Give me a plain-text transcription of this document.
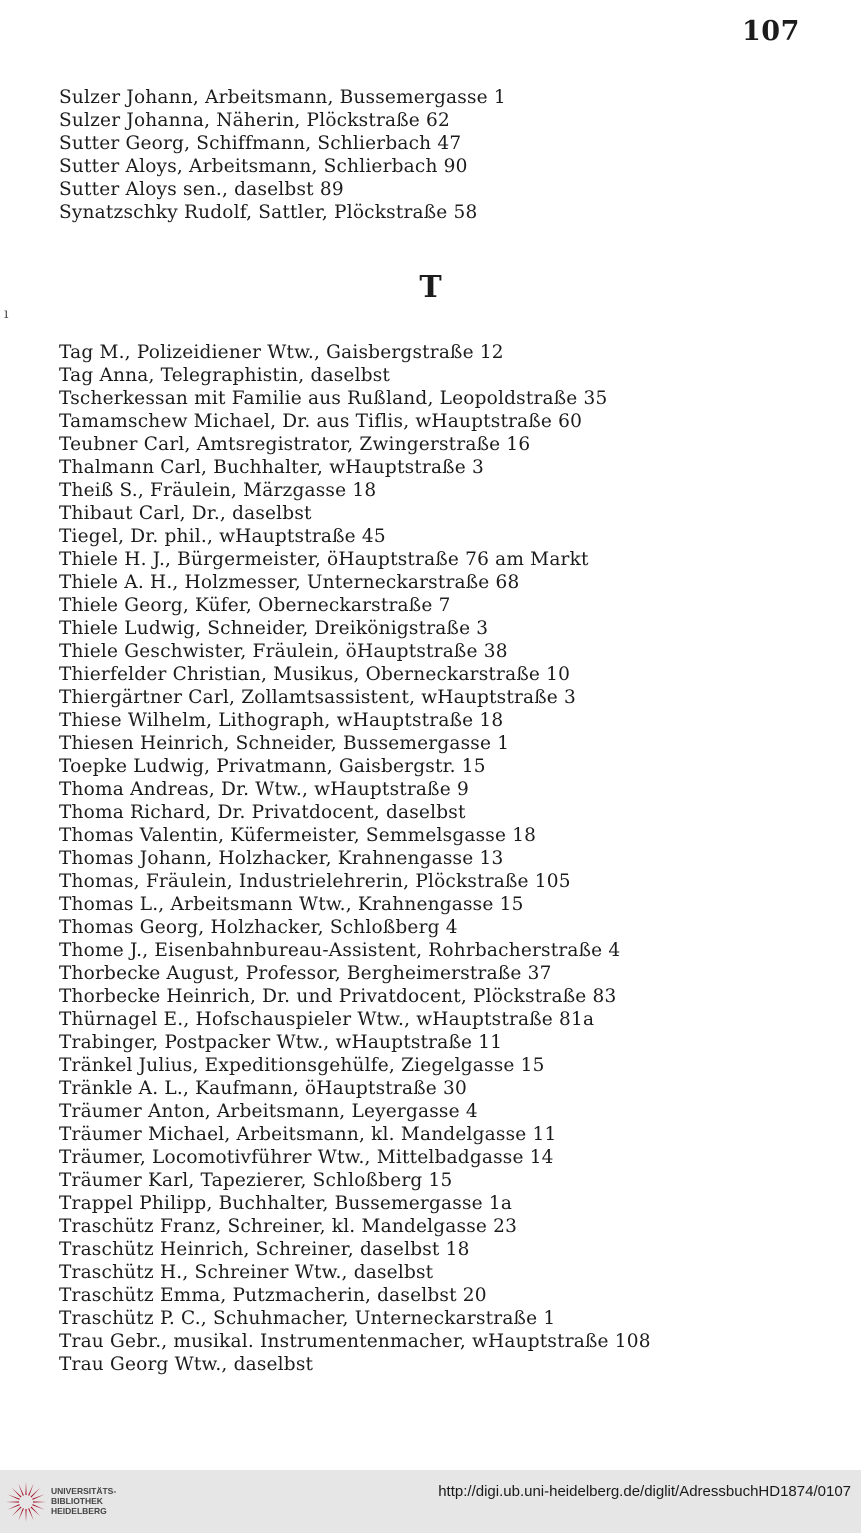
107
Sulzer Johann, Arbeitsmann, Bussemergasse 1
Sulzer Johanna, Näherin, Plöckstraße 62
Sutter Georg, Schiffmann, Schlierbach 47
Sutter Aloys, Arbeitsmann, Schlierbach 90
Sutter Aloys sen., daselbst 89
Synatzschky Rudolf, Sattler, Plöckstraße 58
ı
T
Tag M., Polizeidiener Wtw., Gaisbergstraße 12
Tag Anna, Telegraphistin, daselbst
Tscherkessan mit Familie aus Rußland, Leopoldstraße 35
Tamamschew Michael, Dr. aus Tiflis, wHauptstraße 60
Teubner Carl, Amtsregistrator, Zwingerstraße 16
Thalmann Carl, Buchhalter, wHauptstraße 3
Theiß S., Fräulein, Märzgasse 18
Thibaut Carl, Dr., daselbst
Tiegel, Dr. phil., wHauptstraße 45
Thiele H. J., Bürgermeister, öHauptstraße 76 am Markt
Thiele A. H., Holzmesser, Unterneckarstraße 68
Thiele Georg, Küfer, Oberneckarstraße 7
Thiele Ludwig, Schneider, Dreikönigstraße 3
Thiele Geschwister, Fräulein, öHauptstraße 38
Thierfelder Christian, Musikus, Oberneckarstraße 10
Thiergärtner Carl, Zollamtsassistent, wHauptstraße 3
Thiese Wilhelm, Lithograph, wHauptstraße 18
Thiesen Heinrich, Schneider, Bussemergasse 1
Toepke Ludwig, Privatmann, Gaisbergstr. 15
Thoma Andreas, Dr. Wtw., wHauptstraße 9
Thoma Richard, Dr. Privatdocent, daselbst
Thomas Valentin, Küfermeister, Semmelsgasse 18
Thomas Johann, Holzhacker, Krahnengasse 13
Thomas, Fräulein, Industrielehrerin, Plöckstraße 105
Thomas L., Arbeitsmann Wtw., Krahnengasse 15
Thomas Georg, Holzhacker, Schloßberg 4
Thome J., Eisenbahnbureau-Assistent, Rohrbacherstraße 4
Thorbecke August, Professor, Bergheimerstraße 37
Thorbecke Heinrich, Dr. und Privatdocent, Plöckstraße 83
Thürnagel E., Hofschauspieler Wtw., wHauptstraße 81a
Trabinger, Postpacker Wtw., wHauptstraße 11
Tränkel Julius, Expeditionsgehülfe, Ziegelgasse 15
Tränkle A. L., Kaufmann, öHauptstraße 30
Träumer Anton, Arbeitsmann, Leyergasse 4
Träumer Michael, Arbeitsmann, kl. Mandelgasse 11
Träumer, Locomotivführer Wtw., Mittelbadgasse 14
Träumer Karl, Tapezierer, Schloßberg 15
Trappel Philipp, Buchhalter, Bussemergasse 1a
Traschütz Franz, Schreiner, kl. Mandelgasse 23
Traschütz Heinrich, Schreiner, daselbst 18
Traschütz H., Schreiner Wtw., daselbst
Traschütz Emma, Putzmacherin, daselbst 20
Traschütz P. C., Schuhmacher, Unterneckarstraße 1
Trau Gebr., musikal. Instrumentenmacher, wHauptstraße 108
Trau Georg Wtw., daselbst
UNIVERSITÄTS-
BIBLIOTHEK
HEIDELBERG
http://digi.ub.uni-heidelberg.de/diglit/AdressbuchHD1874/0107
